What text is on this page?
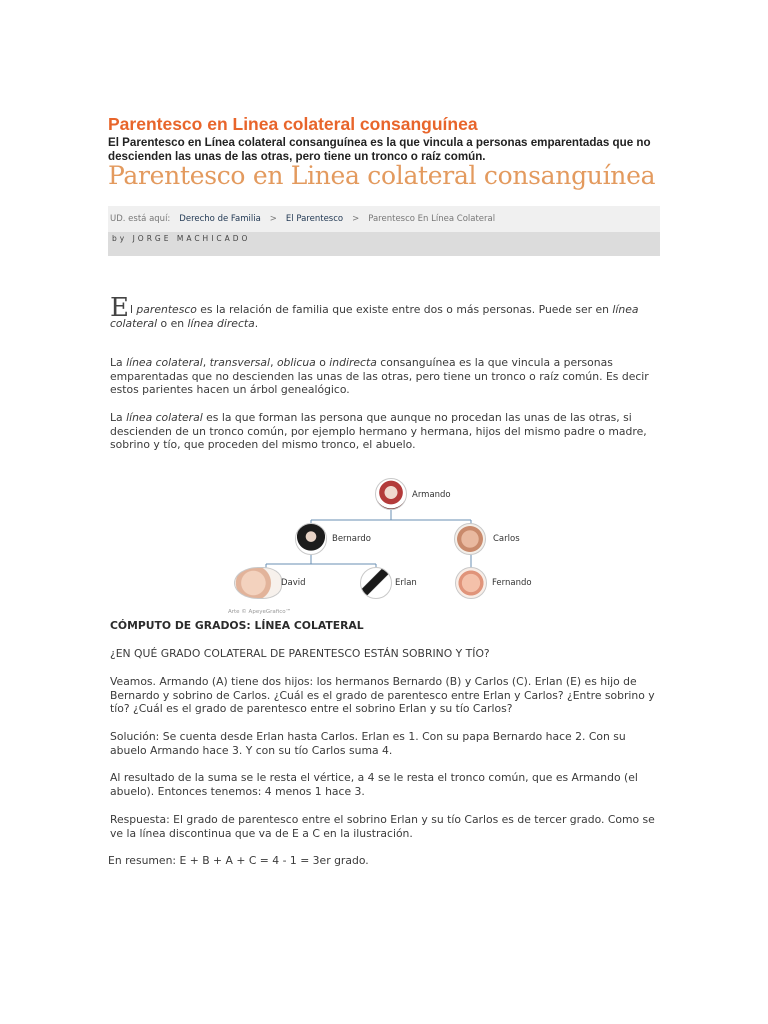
Parentesco en Linea colateral consanguínea

El Parentesco en Línea colateral consanguínea es la que vincula a personas emparentadas que no descienden las unas de las otras, pero tiene un tronco o raíz común.

Parentesco en Linea colateral consanguínea
UD. está aquí: Derecho de Familia > El Parentesco > Parentesco En Línea Colateral
by JORGE MACHICADO

El parentesco es la relación de familia que existe entre dos o más personas. Puede ser en línea colateral o en línea directa.

La línea colateral, transversal, oblicua o indirecta consanguínea es la que vincula a personas emparentadas que no descienden las unas de las otras, pero tiene un tronco o raíz común. Es decir estos parientes hacen un árbol genealógico.

La línea colateral es la que forman las persona que aunque no procedan las unas de las otras, si descienden de un tronco común, por ejemplo hermano y hermana, hijos del mismo padre o madre, sobrino y tío, que proceden del mismo tronco, el abuelo.

Armando
Bernardo	Carlos
David	Erlan	Fernando
Arte © ApeyeGrafico™
CÓMPUTO DE GRADOS: LÍNEA COLATERAL

¿EN QUÉ GRADO COLATERAL DE PARENTESCO ESTÁN SOBRINO Y TÍO?

Veamos. Armando (A) tiene dos hijos: los hermanos Bernardo (B) y Carlos (C). Erlan (E) es hijo de Bernardo y sobrino de Carlos. ¿Cuál es el grado de parentesco entre Erlan y Carlos? ¿Entre sobrino y tío? ¿Cuál es el grado de parentesco entre el sobrino Erlan y su tío Carlos?

Solución: Se cuenta desde Erlan hasta Carlos. Erlan es 1. Con su papa Bernardo hace 2. Con su abuelo Armando hace 3. Y con su tío Carlos suma 4.

Al resultado de la suma se le resta el vértice, a 4 se le resta el tronco común, que es Armando (el abuelo). Entonces tenemos: 4 menos 1 hace 3.

Respuesta: El grado de parentesco entre el sobrino Erlan y su tío Carlos es de tercer grado. Como se ve la línea discontinua que va de E a C en la ilustración.

En resumen: E + B + A + C = 4 - 1 = 3er grado.
